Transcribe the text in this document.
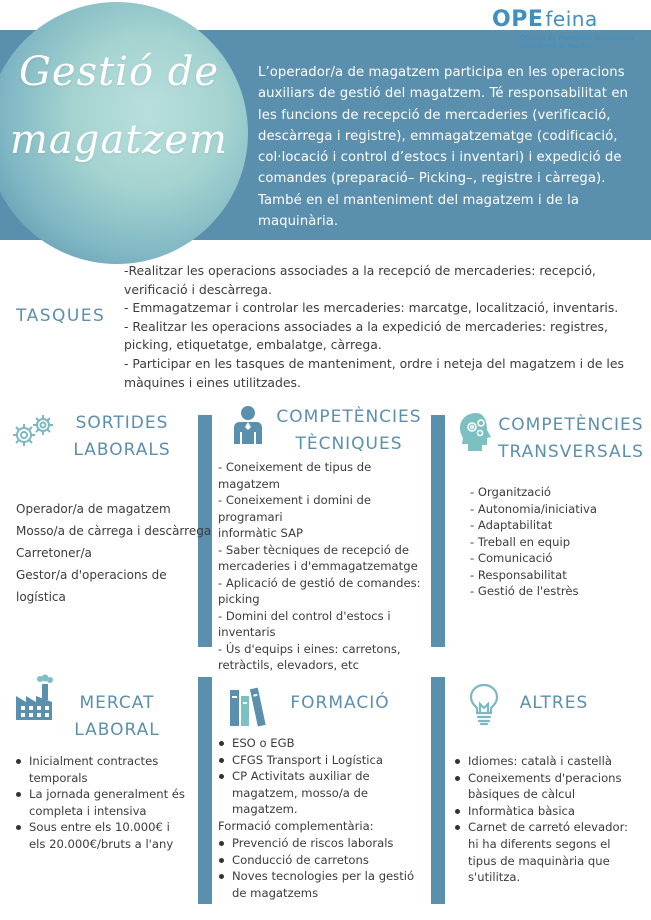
Gestió de
magatzem
L’operador/a de magatzem participa en les operacions auxiliars de gestió del magatzem. Té responsabilitat en les funcions de recepció de mercaderies (verificació, descàrrega i registre), emmagatzematge (codificació, col·locació i control d’estocs i inventari) i expedició de comandes (preparació– Picking–, registre i càrrega). També en el manteniment del magatzem i de la maquinària.
OPE feina
Oficina de Promoció Econòmica
Ajuntament de Manlleu
TASQUES

-Realitzar les operacions associades a la recepció de mercaderies: recepció, verificació i descàrrega.

- Emmagatzemar i controlar les mercaderies: marcatge, localització, inventaris.

- Realitzar les operacions associades a la expedició de mercaderies: registres, picking, etiquetatge, embalatge, càrrega.

- Participar en les tasques de manteniment, ordre i neteja del magatzem i de les màquines i eines utilitzades.

SORTIDES
LABORALS
Operador/a de magatzem
Mosso/a de càrrega i descàrrega
Carretoner/a
Gestor/a d'operacions de
logística
COMPETÈNCIES
TÈCNIQUES
- Coneixement de tipus de magatzem
- Coneixement i domini de programari
informàtic SAP
- Saber tècniques de recepció de
mercaderies i d'emmagatzematge
- Aplicació de gestió de comandes:
picking
- Domini del control d'estocs i
inventaris
- Ús d'equips i eines: carretons,
retràctils, elevadors, etc
COMPETÈNCIES
TRANSVERSALS
- Organització
- Autonomia/iniciativa
- Adaptabilitat
- Treball en equip
- Comunicació
- Responsabilitat
- Gestió de l'estrès
MERCAT
LABORAL
Inicialment contractes temporals
La jornada generalment és completa i intensiva
Sous entre els 10.000€ i els 20.000€/bruts a l'any
FORMACIÓ
ESO o EGB
CFGS Transport i Logística
CP Activitats auxiliar de magatzem, mosso/a de magatzem.
Formació complementària:
Prevenció de riscos laborals
Conducció de carretons
Noves tecnologies per la gestió de magatzems
ALTRES
Idiomes: català i castellà
Coneixements d'peracions bàsiques de càlcul
Informàtica bàsica
Carnet de carretó elevador: hi ha diferents segons el tipus de maquinària que s'utilitza.
